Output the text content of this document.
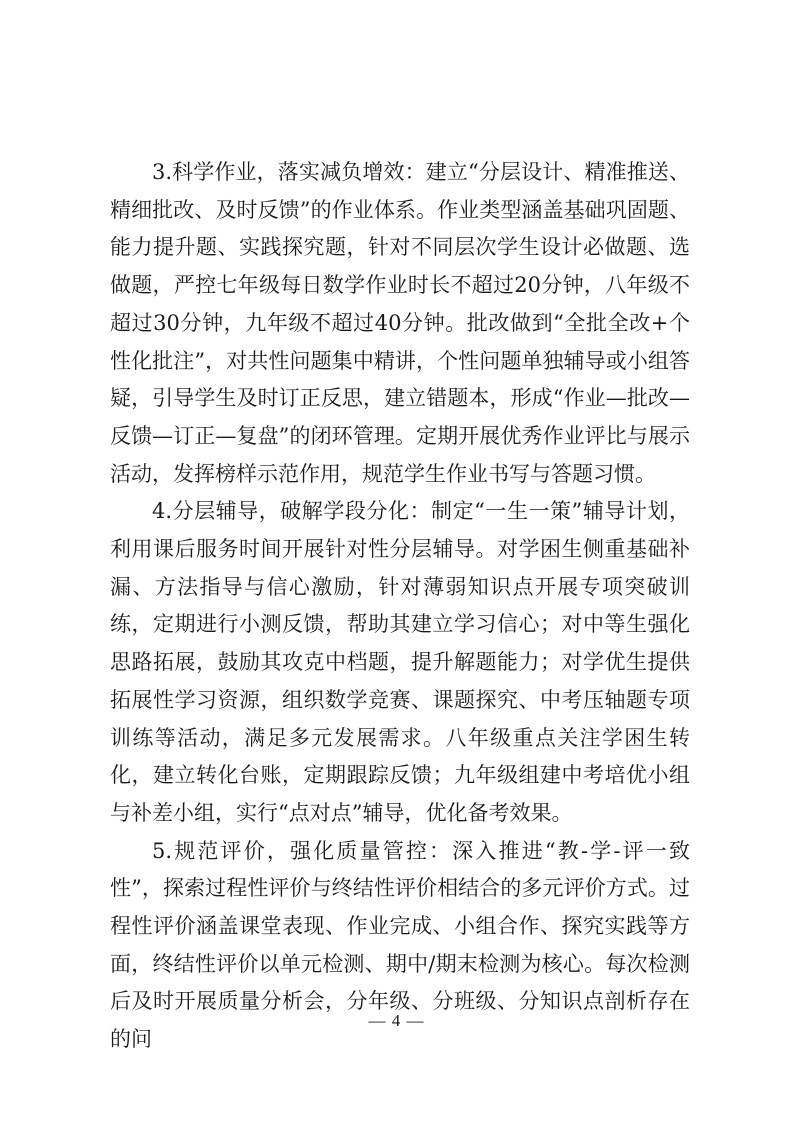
3.科学作业，落实减负增效：建立“分层设计、精准推送、精细批改、及时反馈”的作业体系。作业类型涵盖基础巩固题、能力提升题、实践探究题，针对不同层次学生设计必做题、选做题，严控七年级每日数学作业时长不超过20分钟，八年级不超过30分钟，九年级不超过40分钟。批改做到“全批全改+个性化批注”，对共性问题集中精讲，个性问题单独辅导或小组答疑，引导学生及时订正反思，建立错题本，形成“作业—批改—反馈—订正—复盘”的闭环管理。定期开展优秀作业评比与展示活动，发挥榜样示范作用，规范学生作业书写与答题习惯。

4.分层辅导，破解学段分化：制定“一生一策”辅导计划，利用课后服务时间开展针对性分层辅导。对学困生侧重基础补漏、方法指导与信心激励，针对薄弱知识点开展专项突破训练，定期进行小测反馈，帮助其建立学习信心；对中等生强化思路拓展，鼓励其攻克中档题，提升解题能力；对学优生提供拓展性学习资源，组织数学竞赛、课题探究、中考压轴题专项训练等活动，满足多元发展需求。八年级重点关注学困生转化，建立转化台账，定期跟踪反馈；九年级组建中考培优小组与补差小组，实行“点对点”辅导，优化备考效果。

5.规范评价，强化质量管控：深入推进“教-学-评一致性”，探索过程性评价与终结性评价相结合的多元评价方式。过程性评价涵盖课堂表现、作业完成、小组合作、探究实践等方面，终结性评价以单元检测、期中/期末检测为核心。每次检测后及时开展质量分析会，分年级、分班级、分知识点剖析存在的问

— 4 —
